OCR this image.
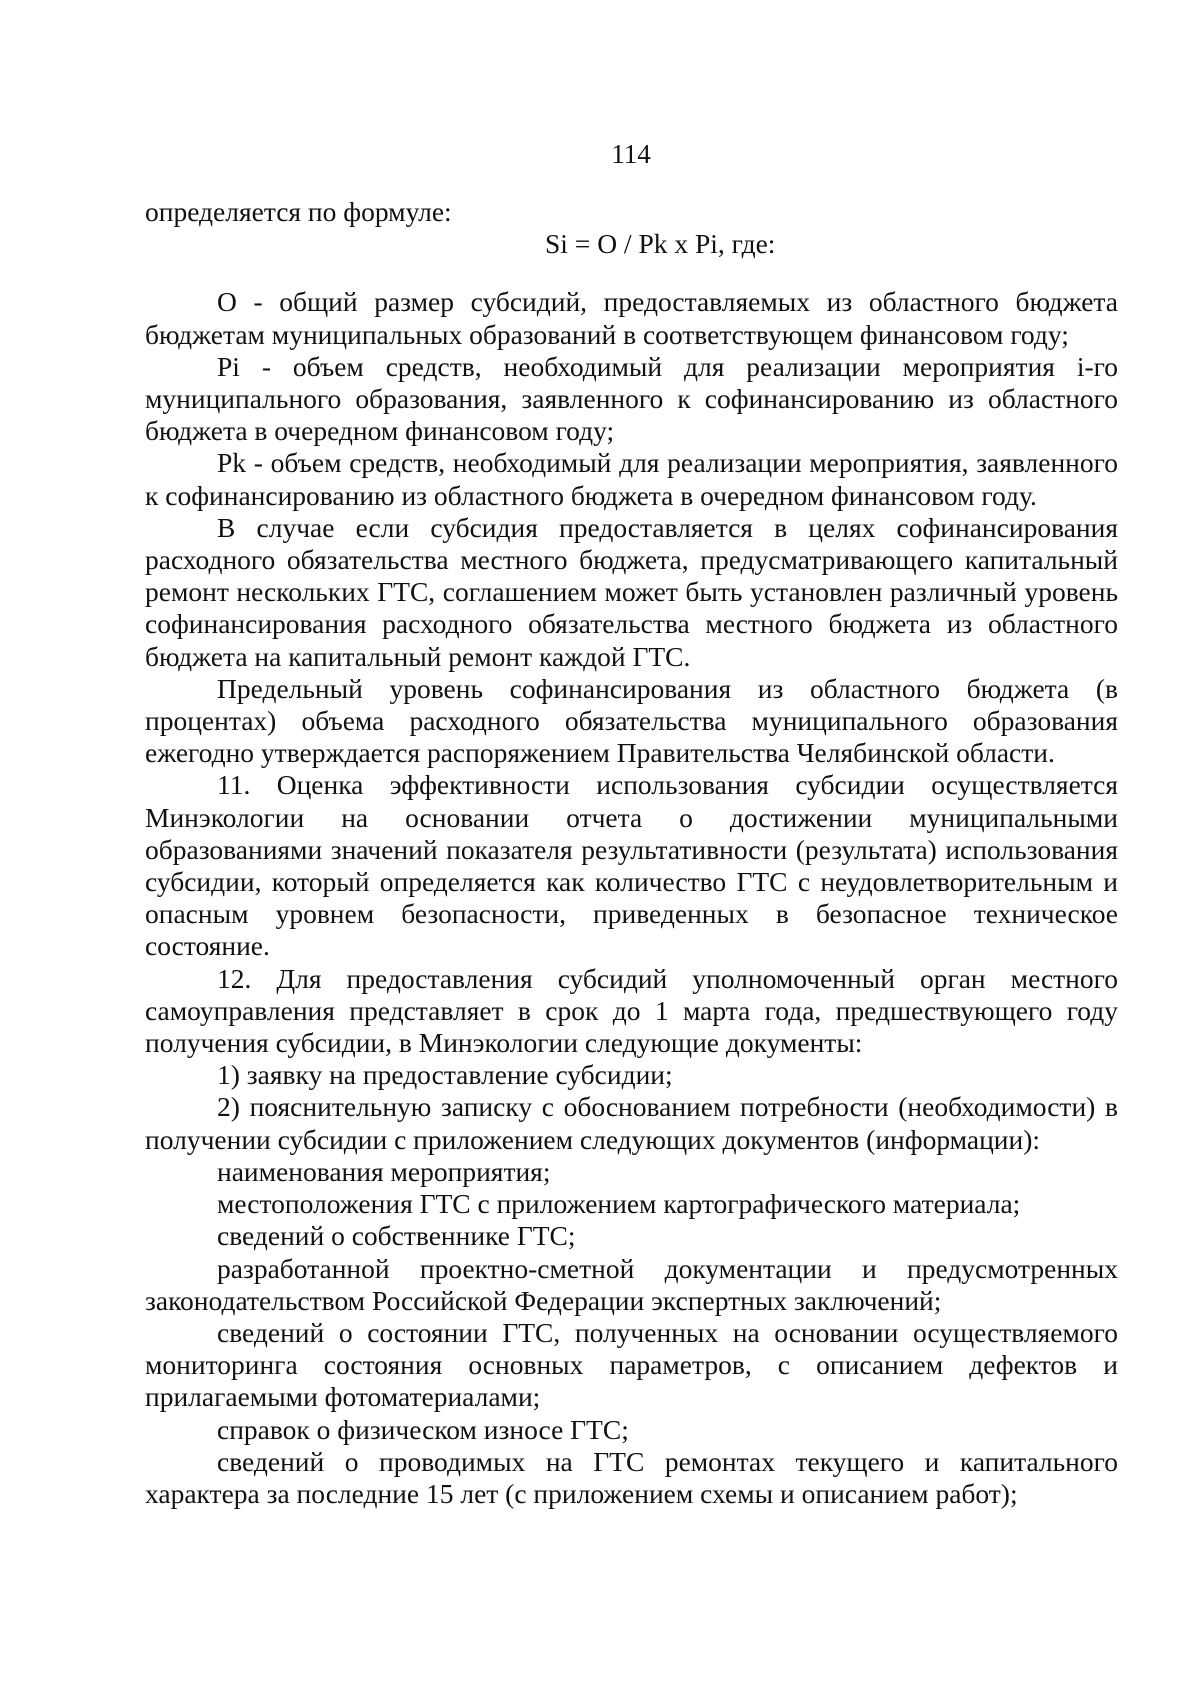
114

определяется по формуле:

Si = O / Pk x Pi, где:

O - общий размер субсидий, предоставляемых из областного бюджета бюджетам муниципальных образований в соответствующем финансовом году;

Pi - объем средств, необходимый для реализации мероприятия i-го муниципального образования, заявленного к софинансированию из областного бюджета в очередном финансовом году;

Pk - объем средств, необходимый для реализации мероприятия, заявленного к софинансированию из областного бюджета в очередном финансовом году.

В случае если субсидия предоставляется в целях софинансирования расходного обязательства местного бюджета, предусматривающего капитальный ремонт нескольких ГТС, соглашением может быть установлен различный уровень софинансирования расходного обязательства местного бюджета из областного бюджета на капитальный ремонт каждой ГТС.

Предельный уровень софинансирования из областного бюджета (в процентах) объема расходного обязательства муниципального образования ежегодно утверждается распоряжением Правительства Челябинской области.

11. Оценка эффективности использования субсидии осуществляется Минэкологии на основании отчета о достижении муниципальными образованиями значений показателя результативности (результата) использования субсидии, который определяется как количество ГТС с неудовлетворительным и опасным уровнем безопасности, приведенных в безопасное техническое состояние.

12. Для предоставления субсидий уполномоченный орган местного самоуправления представляет в срок до 1 марта года, предшествующего году получения субсидии, в Минэкологии следующие документы:

1) заявку на предоставление субсидии;

2) пояснительную записку с обоснованием потребности (необходимости) в получении субсидии с приложением следующих документов (информации):

наименования мероприятия;

местоположения ГТС с приложением картографического материала;

сведений о собственнике ГТС;

разработанной проектно-сметной документации и предусмотренных законодательством Российской Федерации экспертных заключений;

сведений о состоянии ГТС, полученных на основании осуществляемого мониторинга состояния основных параметров, с описанием дефектов и прилагаемыми фотоматериалами;

справок о физическом износе ГТС;

сведений о проводимых на ГТС ремонтах текущего и капитального характера за последние 15 лет (с приложением схемы и описанием работ);
